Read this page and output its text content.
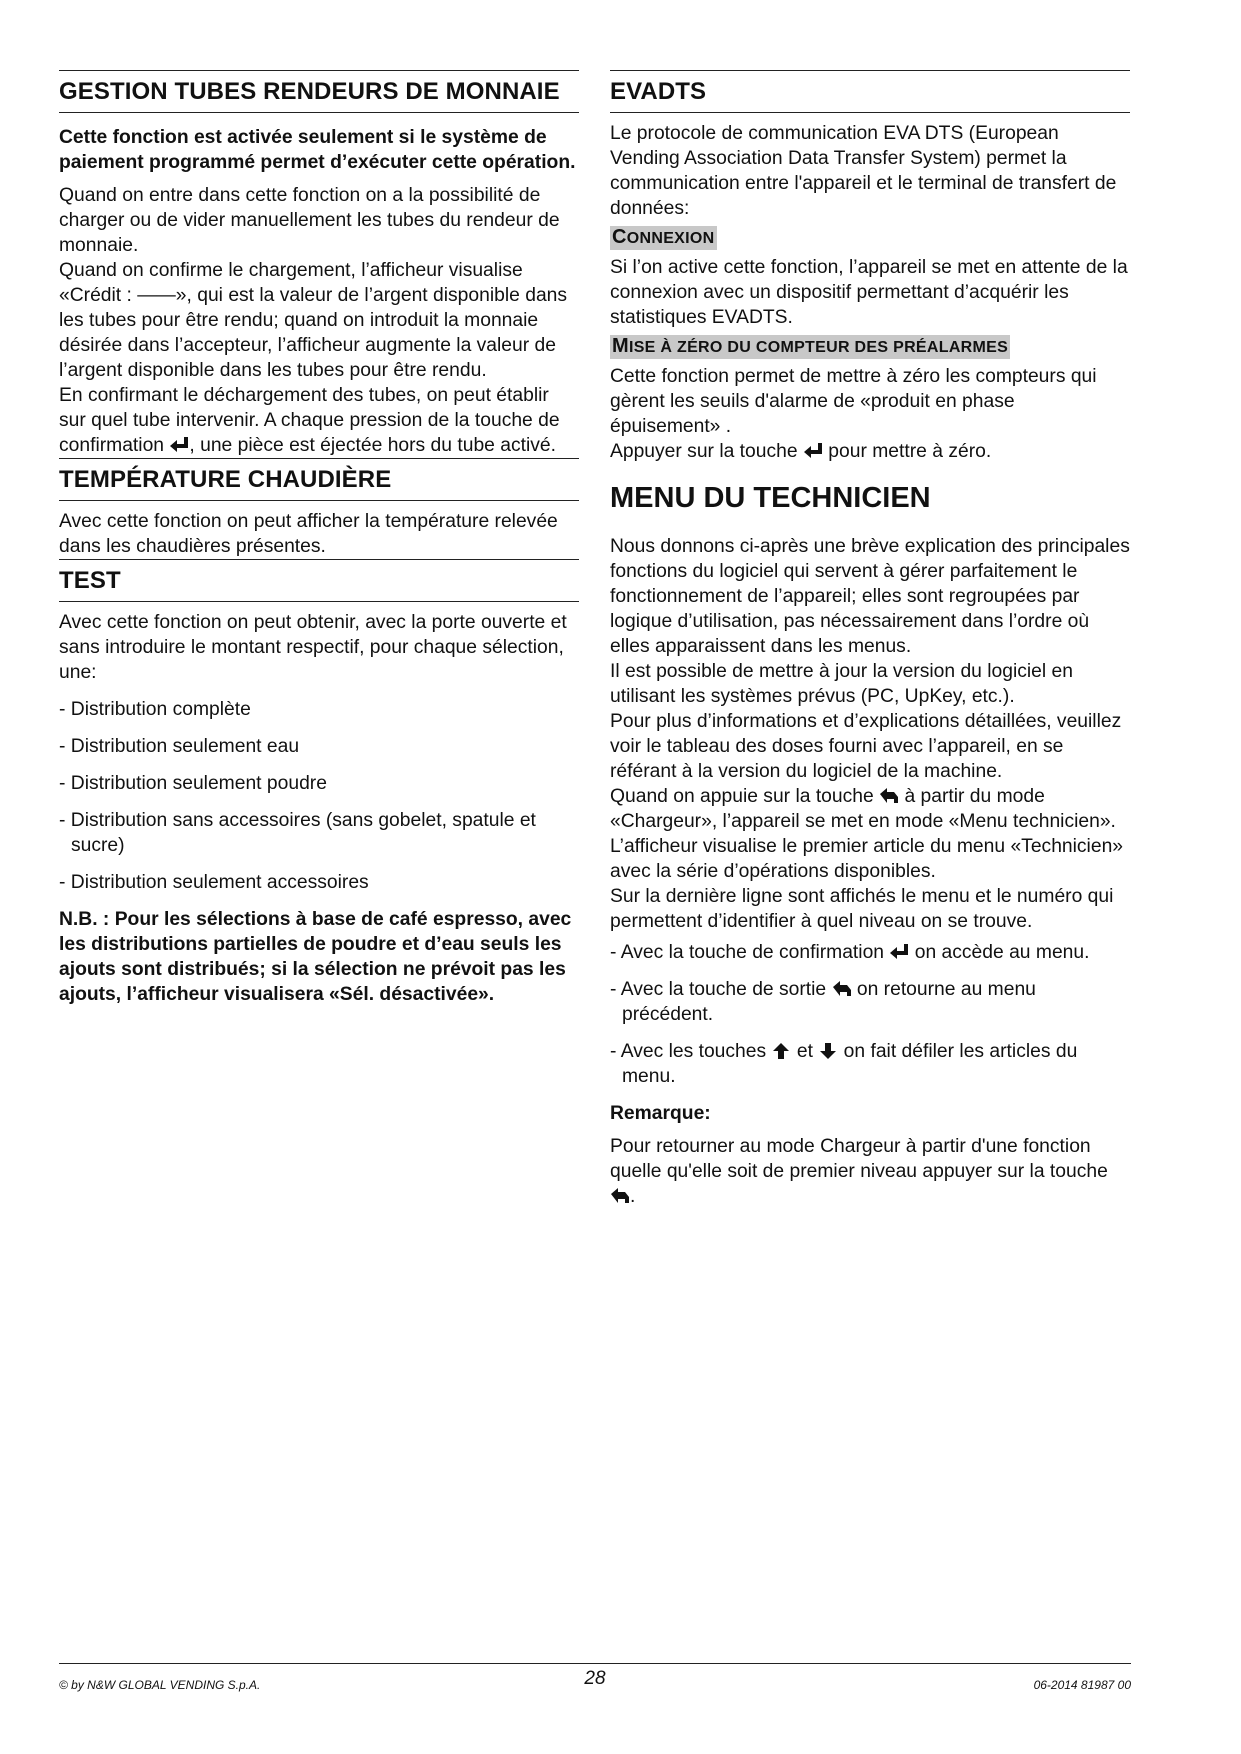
GESTION TUBES RENDEURS DE MONNAIE

Cette fonction est activée seulement si le système de paiement programmé permet d’exécuter cette opération.

Quand on entre dans cette fonction on a la possibilité de charger ou de vider manuellement les tubes du rendeur de monnaie.

Quand on confirme le chargement, l’afficheur visualise «Crédit : ——», qui est la valeur de l’argent disponible dans les tubes pour être rendu; quand on introduit la monnaie désirée dans l’accepteur, l’afficheur augmente la valeur de l’argent disponible dans les tubes pour être rendu.

En confirmant le déchargement des tubes, on peut établir sur quel tube intervenir. A chaque pression de la touche de confirmation , une pièce est éjectée hors du tube activé.

TEMPÉRATURE CHAUDIÈRE

Avec cette fonction on peut afficher la température relevée dans les chaudières présentes.

TEST

Avec cette fonction on peut obtenir, avec la porte ouverte et sans introduire le montant respectif, pour chaque sélection, une:

- Distribution complète
- Distribution seulement eau
- Distribution seulement poudre
- Distribution sans accessoires (sans gobelet, spatule et sucre)
- Distribution seulement accessoires

N.B. : Pour les sélections à base de café espresso, avec les distributions partielles de poudre et d’eau seuls les ajouts sont distribués; si la sélection ne prévoit pas les ajouts, l’afficheur visualisera «Sél. désactivée».

EVADTS

Le protocole de communication EVA DTS (European Vending Association Data Transfer System) permet la communication entre l'appareil et le terminal de transfert de données:

CONNEXION

Si l’on active cette fonction, l’appareil se met en attente de la connexion avec un dispositif permettant d’acquérir les statistiques EVADTS.

MISE À ZÉRO DU COMPTEUR DES PRÉALARMES

Cette fonction permet de mettre à zéro les compteurs qui gèrent les seuils d'alarme de «produit en phase épuisement» .

Appuyer sur la touche pour mettre à zéro.

MENU DU TECHNICIEN

Nous donnons ci-après une brève explication des principales fonctions du logiciel qui servent à gérer parfaitement le fonctionnement de l’appareil; elles sont regroupées par logique d’utilisation, pas nécessairement dans l’ordre où elles apparaissent dans les menus.

Il est possible de mettre à jour la version du logiciel en utilisant les systèmes prévus (PC, UpKey, etc.).

Pour plus d’informations et d’explications détaillées, veuillez voir le tableau des doses fourni avec l’appareil, en se référant à la version du logiciel de la machine.

Quand on appuie sur la touche à partir du mode «Chargeur», l’appareil se met en mode «Menu technicien».

L’afficheur visualise le premier article du menu «Technicien» avec la série d’opérations disponibles.

Sur la dernière ligne sont affichés le menu et le numéro qui permettent d’identifier à quel niveau on se trouve.

- Avec la touche de confirmation on accède au menu.
- Avec la touche de sortie on retourne au menu précédent.
- Avec les touches et on fait défiler les articles du menu.

Remarque:

Pour retourner au mode Chargeur à partir d'une fonction quelle qu'elle soit de premier niveau appuyer sur la touche
.

© by N&W GLOBAL VENDING S.p.A.	28	06-2014 81987 00
